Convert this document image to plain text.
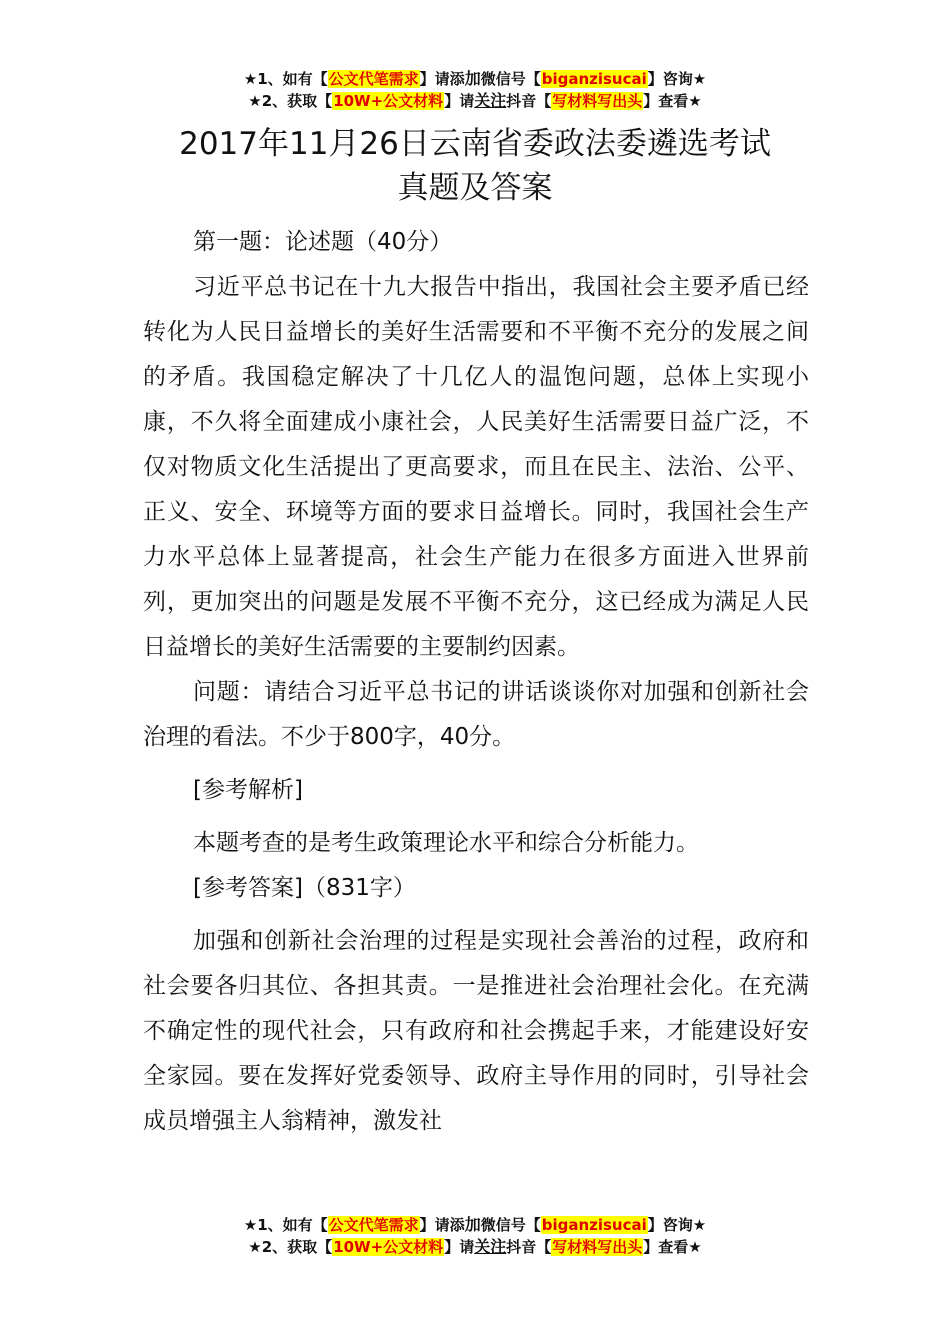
★1、如有【公文代笔需求】请添加微信号【biganzisucai】咨询★
★2、获取【10W+公文材料】请关注抖音【写材料写出头】查看★
2017年11月26日云南省委政法委遴选考试
真题及答案

第一题：论述题（40分）

习近平总书记在十九大报告中指出，我国社会主要矛盾已经转化为人民日益增长的美好生活需要和不平衡不充分的发展之间的矛盾。我国稳定解决了十几亿人的温饱问题，总体上实现小康，不久将全面建成小康社会，人民美好生活需要日益广泛，不仅对物质文化生活提出了更高要求，而且在民主、法治、公平、正义、安全、环境等方面的要求日益增长。同时，我国社会生产力水平总体上显著提高，社会生产能力在很多方面进入世界前列，更加突出的问题是发展不平衡不充分，这已经成为满足人民日益增长的美好生活需要的主要制约因素。

问题：请结合习近平总书记的讲话谈谈你对加强和创新社会治理的看法。不少于800字，40分。

[参考解析]

本题考查的是考生政策理论水平和综合分析能力。

[参考答案]（831字）

加强和创新社会治理的过程是实现社会善治的过程，政府和社会要各归其位、各担其责。一是推进社会治理社会化。在充满不确定性的现代社会，只有政府和社会携起手来，才能建设好安全家园。要在发挥好党委领导、政府主导作用的同时，引导社会成员增强主人翁精神，激发社

★1、如有【公文代笔需求】请添加微信号【biganzisucai】咨询★
★2、获取【10W+公文材料】请关注抖音【写材料写出头】查看★
